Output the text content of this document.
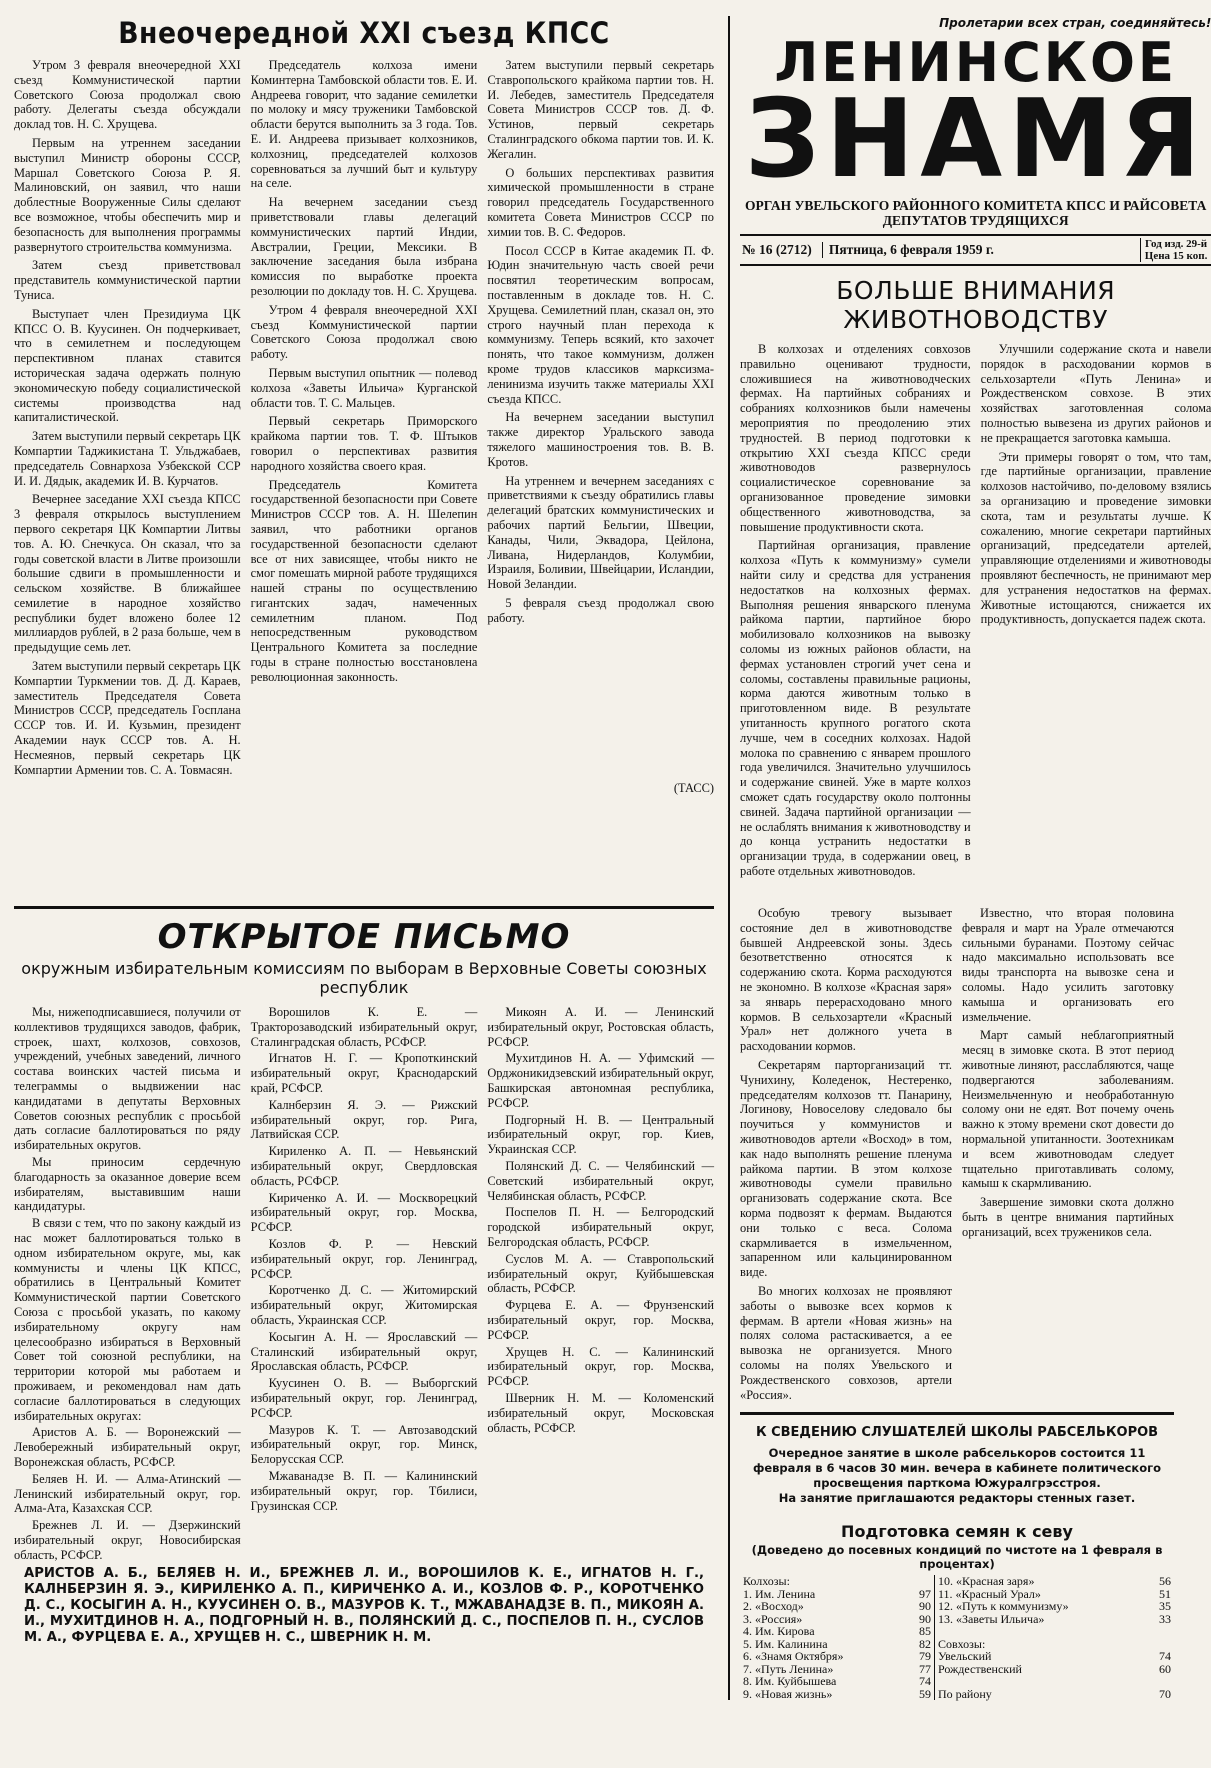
Внеочередной XXI съезд КПСС

Утром 3 февраля внеочередной XXI съезд Коммунистической партии Советского Союза продолжал свою работу. Делегаты съезда обсуждали доклад тов. Н. С. Хрущева.

Первым на утреннем заседании выступил Министр обороны СССР, Маршал Советского Союза Р. Я. Малиновский, он заявил, что наши доблестные Вооруженные Силы сделают все возможное, чтобы обеспечить мир и безопасность для выполнения программы развернутого строительства коммунизма.

Затем съезд приветствовал представитель коммунистической партии Туниса.

Выступает член Президиума ЦК КПСС О. В. Куусинен. Он подчеркивает, что в семилетнем и последующем перспективном планах ставится историческая задача одержать полную экономическую победу социалистической системы производства над капиталистической.

Затем выступили первый секретарь ЦК Компартии Таджикистана Т. Ульджабаев, председатель Совнархоза Узбекской ССР И. И. Дядык, академик И. В. Курчатов.

Вечернее заседание XXI съезда КПСС 3 февраля открылось выступлением первого секретаря ЦК Компартии Литвы тов. А. Ю. Снечкуса. Он сказал, что за годы советской власти в Литве произошли большие сдвиги в промышленности и сельском хозяйстве. В ближайшее семилетие в народное хозяйство республики будет вложено более 12 миллиардов рублей, в 2 раза больше, чем в предыдущие семь лет.

Затем выступили первый секретарь ЦК Компартии Туркмении тов. Д. Д. Караев, заместитель Председателя Совета Министров СССР, председатель Госплана СССР тов. И. И. Кузьмин, президент Академии наук СССР тов. А. Н. Несмеянов, первый секретарь ЦК Компартии Армении тов. С. А. Товмасян.

Председатель колхоза имени Коминтерна Тамбовской области тов. Е. И. Андреева говорит, что задание семилетки по молоку и мясу труженики Тамбовской области берутся выполнить за 3 года. Тов. Е. И. Андреева призывает колхозников, колхозниц, председателей колхозов соревноваться за лучший быт и культуру на селе.

На вечернем заседании съезд приветствовали главы делегаций коммунистических партий Индии, Австралии, Греции, Мексики. В заключение заседания была избрана комиссия по выработке проекта резолюции по докладу тов. Н. С. Хрущева.

Утром 4 февраля внеочередной XXI съезд Коммунистической партии Советского Союза продолжал свою работу.

Первым выступил опытник — полевод колхоза «Заветы Ильича» Курганской области тов. Т. С. Мальцев.

Первый секретарь Приморского крайкома партии тов. Т. Ф. Штыков говорил о перспективах развития народного хозяйства своего края.

Председатель Комитета государственной безопасности при Совете Министров СССР тов. А. Н. Шелепин заявил, что работники органов государственной безопасности сделают все от них зависящее, чтобы никто не смог помешать мирной работе трудящихся нашей страны по осуществлению гигантских задач, намеченных семилетним планом. Под непосредственным руководством Центрального Комитета за последние годы в стране полностью восстановлена революционная законность.

Затем выступили первый секретарь Ставропольского крайкома партии тов. Н. И. Лебедев, заместитель Председателя Совета Министров СССР тов. Д. Ф. Устинов, первый секретарь Сталинградского обкома партии тов. И. К. Жегалин.

О больших перспективах развития химической промышленности в стране говорил председатель Государственного комитета Совета Министров СССР по химии тов. В. С. Федоров.

Посол СССР в Китае академик П. Ф. Юдин значительную часть своей речи посвятил теоретическим вопросам, поставленным в докладе тов. Н. С. Хрущева. Семилетний план, сказал он, это строго научный план перехода к коммунизму. Теперь всякий, кто захочет понять, что такое коммунизм, должен кроме трудов классиков марксизма-ленинизма изучить также материалы XXI съезда КПСС.

На вечернем заседании выступил также директор Уральского завода тяжелого машиностроения тов. В. В. Кротов.

На утреннем и вечернем заседаниях с приветствиями к съезду обратились главы делегаций братских коммунистических и рабочих партий Бельгии, Швеции, Канады, Чили, Эквадора, Цейлона, Ливана, Нидерландов, Колумбии, Израиля, Боливии, Швейцарии, Исландии, Новой Зеландии.

5 февраля съезд продолжал свою работу.

(ТАСС)
Пролетарии всех стран, соединяйтесь!
ЛЕНИНСКОЕ
ЗНАМЯ
ОРГАН УВЕЛЬСКОГО РАЙОННОГО КОМИТЕТА КПСС И РАЙСОВЕТА ДЕПУТАТОВ ТРУДЯЩИХСЯ
№ 16 (2712)	Пятница, 6 февраля 1959 г.	Год изд. 29-й
Цена 15 коп.
БОЛЬШЕ ВНИМАНИЯ ЖИВОТНОВОДСТВУ

В колхозах и отделениях совхозов правильно оценивают трудности, сложившиеся на животноводческих фермах. На партийных собраниях и собраниях колхозников были намечены мероприятия по преодолению этих трудностей. В период подготовки к открытию XXI съезда КПСС среди животноводов развернулось социалистическое соревнование за организованное проведение зимовки общественного животноводства, за повышение продуктивности скота.

Партийная организация, правление колхоза «Путь к коммунизму» сумели найти силу и средства для устранения недостатков на колхозных фермах. Выполняя решения январского пленума райкома партии, партийное бюро мобилизовало колхозников на вывозку соломы из южных районов области, на фермах установлен строгий учет сена и соломы, составлены правильные рационы, корма даются животным только в приготовленном виде. В результате упитанность крупного рогатого скота лучше, чем в соседних колхозах. Надой молока по сравнению с январем прошлого года увеличился. Значительно улучшилось и содержание свиней. Уже в марте колхоз сможет сдать государству около полтонны свиней. Задача партийной организации — не ослаблять внимания к животноводству и до конца устранить недостатки в организации труда, в содержании овец, в работе отдельных животноводов.

Улучшили содержание скота и навели порядок в расходовании кормов в сельхозартели «Путь Ленина» и Рождественском совхозе. В этих хозяйствах заготовленная солома полностью вывезена из других районов и не прекращается заготовка камыша.

Эти примеры говорят о том, что там, где партийные организации, правление колхозов настойчиво, по-деловому взялись за организацию и проведение зимовки скота, там и результаты лучше. К сожалению, многие секретари партийных организаций, председатели артелей, управляющие отделениями и животноводы проявляют беспечность, не принимают мер для устранения недостатков на фермах. Животные истощаются, снижается их продуктивность, допускается падеж скота.

ОТКРЫТОЕ ПИСЬМО
окружным избирательным комиссиям по выборам в Верховные Советы союзных республик

Мы, нижеподписавшиеся, получили от коллективов трудящихся заводов, фабрик, строек, шахт, колхозов, совхозов, учреждений, учебных заведений, личного состава воинских частей письма и телеграммы о выдвижении нас кандидатами в депутаты Верховных Советов союзных республик с просьбой дать согласие баллотироваться по ряду избирательных округов.

Мы приносим сердечную благодарность за оказанное доверие всем избирателям, выставившим наши кандидатуры.

В связи с тем, что по закону каждый из нас может баллотироваться только в одном избирательном округе, мы, как коммунисты и члены ЦК КПСС, обратились в Центральный Комитет Коммунистической партии Советского Союза с просьбой указать, по какому избирательному округу нам целесообразно избираться в Верховный Совет той союзной республики, на территории которой мы работаем и проживаем, и рекомендовал нам дать согласие баллотироваться в следующих избирательных округах:

Аристов А. Б. — Воронежский — Левобережный избирательный округ, Воронежская область, РСФСР.

Беляев Н. И. — Алма-Атинский — Ленинский избирательный округ, гор. Алма-Ата, Казахская ССР.

Брежнев Л. И. — Дзержинский избирательный округ, Новосибирская область, РСФСР.

Ворошилов К. Е. — Тракторозаводский избирательный округ, Сталинградская область, РСФСР.

Игнатов Н. Г. — Кропоткинский избирательный округ, Краснодарский край, РСФСР.

Калнберзин Я. Э. — Рижский избирательный округ, гор. Рига, Латвийская ССР.

Кириленко А. П. — Невьянский избирательный округ, Свердловская область, РСФСР.

Кириченко А. И. — Москворецкий избирательный округ, гор. Москва, РСФСР.

Козлов Ф. Р. — Невский избирательный округ, гор. Ленинград, РСФСР.

Коротченко Д. С. — Житомирский избирательный округ, Житомирская область, Украинская ССР.

Косыгин А. Н. — Ярославский — Сталинский избирательный округ, Ярославская область, РСФСР.

Куусинен О. В. — Выборгский избирательный округ, гор. Ленинград, РСФСР.

Мазуров К. Т. — Автозаводский избирательный округ, гор. Минск, Белорусская ССР.

Мжаванадзе В. П. — Калининский избирательный округ, гор. Тбилиси, Грузинская ССР.

Микоян А. И. — Ленинский избирательный округ, Ростовская область, РСФСР.

Мухитдинов Н. А. — Уфимский — Орджоникидзевский избирательный округ, Башкирская автономная республика, РСФСР.

Подгорный Н. В. — Центральный избирательный округ, гор. Киев, Украинская ССР.

Полянский Д. С. — Челябинский — Советский избирательный округ, Челябинская область, РСФСР.

Поспелов П. Н. — Белгородский городской избирательный округ, Белгородская область, РСФСР.

Суслов М. А. — Ставропольский избирательный округ, Куйбышевская область, РСФСР.

Фурцева Е. А. — Фрунзенский избирательный округ, гор. Москва, РСФСР.

Хрущев Н. С. — Калининский избирательный округ, гор. Москва, РСФСР.

Шверник Н. М. — Коломенский избирательный округ, Московская область, РСФСР.

АРИСТОВ А. Б., БЕЛЯЕВ Н. И., БРЕЖНЕВ Л. И., ВОРОШИЛОВ К. Е., ИГНАТОВ Н. Г., КАЛНБЕРЗИН Я. Э., КИРИЛЕНКО А. П., КИРИЧЕНКО А. И., КОЗЛОВ Ф. Р., КОРОТЧЕНКО Д. С., КОСЫГИН А. Н., КУУСИНЕН О. В., МАЗУРОВ К. Т., МЖАВАНАДЗЕ В. П., МИКОЯН А. И., МУХИТДИНОВ Н. А., ПОДГОРНЫЙ Н. В., ПОЛЯНСКИЙ Д. С., ПОСПЕЛОВ П. Н., СУСЛОВ М. А., ФУРЦЕВА Е. А., ХРУЩЕВ Н. С., ШВЕРНИК Н. М.

Особую тревогу вызывает состояние дел в животноводстве бывшей Андреевской зоны. Здесь безответственно относятся к содержанию скота. Корма расходуются не экономно. В колхозе «Красная заря» за январь перерасходовано много кормов. В сельхозартели «Красный Урал» нет должного учета в расходовании кормов.

Секретарям парторганизаций тт. Чунихину, Коледенок, Нестеренко, председателям колхозов тт. Панарину, Логинову, Новоселову следовало бы поучиться у коммунистов и животноводов артели «Восход» в том, как надо выполнять решение пленума райкома партии. В этом колхозе животноводы сумели правильно организовать содержание скота. Все корма подвозят к фермам. Выдаются они только с веса. Солома скармливается в измельченном, запаренном или кальцинированном виде.

Во многих колхозах не проявляют заботы о вывозке всех кормов к фермам. В артели «Новая жизнь» на полях солома растаскивается, а ее вывозка не организуется. Много соломы на полях Увельского и Рождественского совхозов, артели «Россия».

Известно, что вторая половина февраля и март на Урале отмечаются сильными буранами. Поэтому сейчас надо максимально использовать все виды транспорта на вывозке сена и соломы. Надо усилить заготовку камыша и организовать его измельчение.

Март самый неблагоприятный месяц в зимовке скота. В этот период животные линяют, расслабляются, чаще подвергаются заболеваниям. Неизмельченную и необработанную солому они не едят. Вот почему очень важно к этому времени скот довести до нормальной упитанности. Зоотехникам и всем животноводам следует тщательно приготавливать солому, камыш к скармливанию.

Завершение зимовки скота должно быть в центре внимания партийных организаций, всех тружеников села.

К СВЕДЕНИЮ СЛУШАТЕЛЕЙ ШКОЛЫ РАБСЕЛЬКОРОВ
Очередное занятие в школе рабселькоров состоится 11 февраля в 6 часов 30 мин. вечера в кабинете политического просвещения парткома Южуралгрэсстроя.
На занятие приглашаются редакторы стенных газет.
Подготовка семян к севу
(Доведено до посевных кондиций по чистоте на 1 февраля в процентах)
Колхозы:		10. «Красная заря»	56
1. Им. Ленина	97	11. «Красный Урал»	51
2. «Восход»	90	12. «Путь к коммунизму»	35
3. «Россия»	90	13. «Заветы Ильича»	33
4. Им. Кирова	85		
5. Им. Калинина	82	Совхозы:	
6. «Знамя Октября»	79	Увельский	74
7. «Путь Ленина»	77	Рождественский	60
8. Им. Куйбышева	74		
9. «Новая жизнь»	59	По району	70
